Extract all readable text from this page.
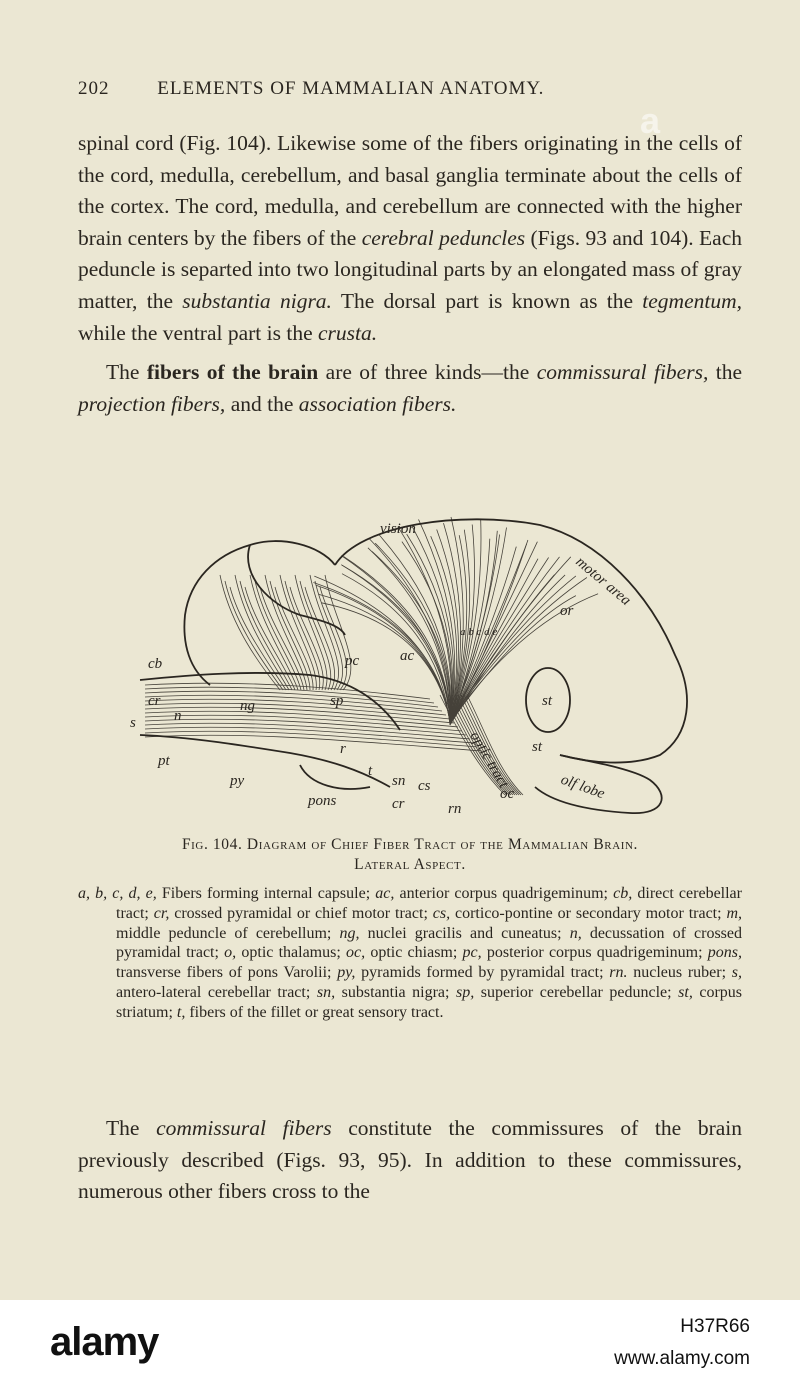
202	ELEMENTS OF MAMMALIAN ANATOMY.

spinal cord (Fig. 104). Likewise some of the fibers originating in the cells of the cord, medulla, cerebellum, and basal ganglia terminate about the cells of the cortex. The cord, medulla, and cerebellum are connected with the higher brain centers by the fibers of the cerebral peduncles (Figs. 93 and 104). Each peduncle is separted into two longitudinal parts by an elongated mass of gray matter, the substantia nigra. The dorsal part is known as the tegmentum, while the ventral part is the crusta.

The fibers of the brain are of three kinds—the commissural fibers, the projection fibers, and the association fibers.

vision
motor area
cb
cr
n
s
pt
py
pons
ng	sp
pc	ac
or
st
st
optic tract	olf lobe
oc
sn cs
cr	rn
t
r
a b c d e
Fig. 104. Diagram of Chief Fiber Tract of the Mammalian Brain.
Lateral Aspect.
a, b, c, d, e, Fibers forming internal capsule; ac, anterior corpus quadrigeminum; cb, direct cerebellar tract; cr, crossed pyramidal or chief motor tract; cs, cortico-pontine or secondary motor tract; m, middle peduncle of cerebellum; ng, nuclei gracilis and cuneatus; n, decussation of crossed pyramidal tract; o, optic thalamus; oc, optic chiasm; pc, posterior corpus quadrigeminum; pons, transverse fibers of pons Varolii; py, pyramids formed by pyramidal tract; rn. nucleus ruber; s, antero-lateral cerebellar tract; sn, substantia nigra; sp, superior cerebellar peduncle; st, corpus striatum; t, fibers of the fillet or great sensory tract.

The commissural fibers constitute the commissures of the brain previously described (Figs. 93, 95). In addition to these commissures, numerous other fibers cross to the

a
alamy	H37R66
www.alamy.com
